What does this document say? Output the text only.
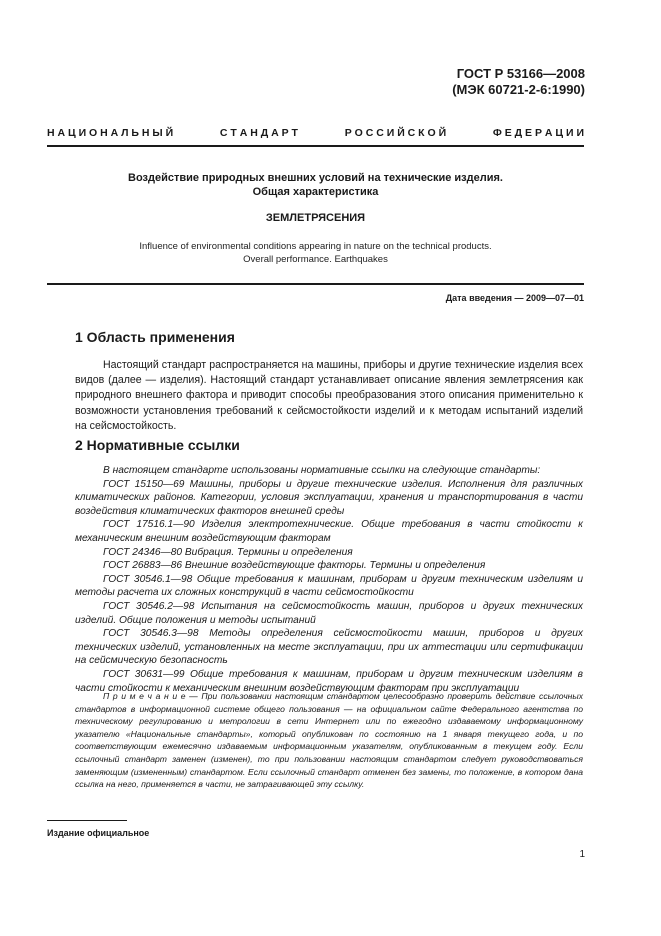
ГОСТ Р 53166—2008
(МЭК 60721-2-6:1990)
Н А Ц И О Н А Л Ь Н Ы Й	С Т А Н Д А Р Т	Р О С С И Й С К О Й	Ф Е Д Е Р А Ц И И
Воздействие природных внешних условий на технические изделия.
Общая характеристика
ЗЕМЛЕТРЯСЕНИЯ
Influence of environmental conditions appearing in nature on the technical products.
Overall performance. Earthquakes
Дата введения — 2009—07—01
1 Область применения

Настоящий стандарт распространяется на машины, приборы и другие технические изделия всех видов (далее — изделия). Настоящий стандарт устанавливает описание явления землетрясения как природного внешнего фактора и приводит способы преобразования этого описания применительно к возможности установления требований к сейсмостойкости изделий и к методам испытаний изделий на сейсмостойкость.

2 Нормативные ссылки

В настоящем стандарте использованы нормативные ссылки на следующие стандарты:

ГОСТ 15150—69 Машины, приборы и другие технические изделия. Исполнения для различных климатических районов. Категории, условия эксплуатации, хранения и транспортирования в части воздействия климатических факторов внешней среды

ГОСТ 17516.1—90 Изделия электротехнические. Общие требования в части стойкости к механическим внешним воздействующим факторам

ГОСТ 24346—80 Вибрация. Термины и определения

ГОСТ 26883—86 Внешние воздействующие факторы. Термины и определения

ГОСТ 30546.1—98 Общие требования к машинам, приборам и другим техническим изделиям и методы расчета их сложных конструкций в части сейсмостойкости

ГОСТ 30546.2—98 Испытания на сейсмостойкость машин, приборов и других технических изделий. Общие положения и методы испытаний

ГОСТ 30546.3—98 Методы определения сейсмостойкости машин, приборов и других технических изделий, установленных на месте эксплуатации, при их аттестации или сертификации на сейсмическую безопасность

ГОСТ 30631—99 Общие требования к машинам, приборам и другим техническим изделиям в части стойкости к механическим внешним воздействующим факторам при эксплуатации

П р и м е ч а н и е — При пользовании настоящим стандартом целесообразно проверить действие ссылочных стандартов в информационной системе общего пользования — на официальном сайте Федерального агентства по техническому регулированию и метрологии в сети Интернет или по ежегодно издаваемому информационному указателю «Национальные стандарты», который опубликован по состоянию на 1 января текущего года, и по соответствующим ежемесячно издаваемым информационным указателям, опубликованным в текущем году. Если ссылочный стандарт заменен (изменен), то при пользовании настоящим стандартом следует руководствоваться заменяющим (измененным) стандартом. Если ссылочный стандарт отменен без замены, то положение, в котором дана ссылка на него, применяется в части, не затрагивающей эту ссылку.

Издание официальное
1
